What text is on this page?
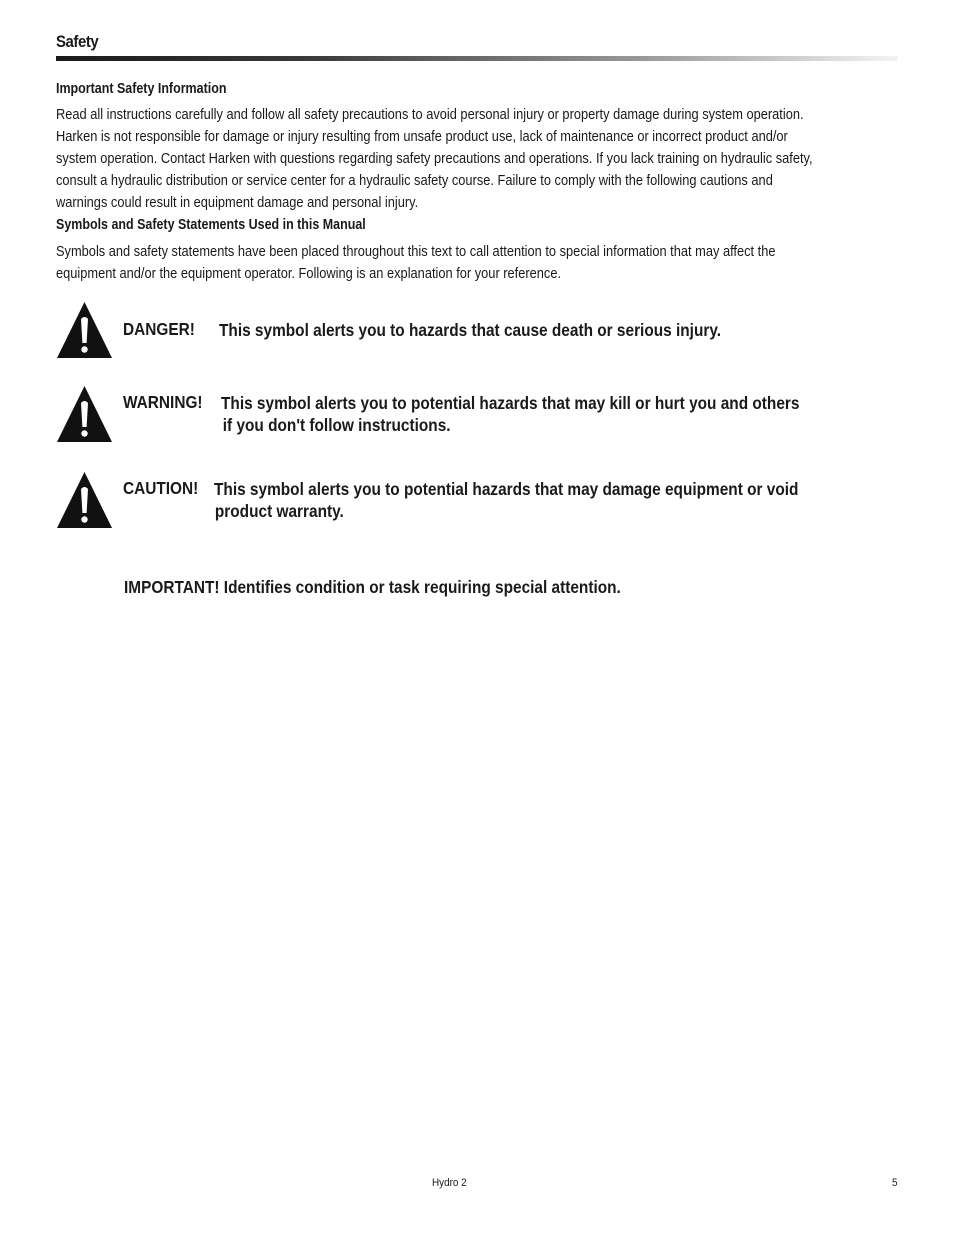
Safety
Important Safety Information
Read all instructions carefully and follow all safety precautions to avoid personal injury or property damage during system operation.
Harken is not responsible for damage or injury resulting from unsafe product use, lack of maintenance or incorrect product and/or
system operation. Contact Harken with questions regarding safety precautions and operations. If you lack training on hydraulic safety,
consult a hydraulic distribution or service center for a hydraulic safety course. Failure to comply with the following cautions and
warnings could result in equipment damage and personal injury.
Symbols and Safety Statements Used in this Manual
Symbols and safety statements have been placed throughout this text to call attention to special information that may affect the
equipment and/or the equipment operator. Following is an explanation for your reference.
DANGER! This symbol alerts you to hazards that cause death or serious injury.
WARNING! This symbol alerts you to potential hazards that may kill or hurt you and others
if you don't follow instructions.
CAUTION! This symbol alerts you to potential hazards that may damage equipment or void
product warranty.
IMPORTANT! Identifies condition or task requiring special attention.
Hydro 2	5
